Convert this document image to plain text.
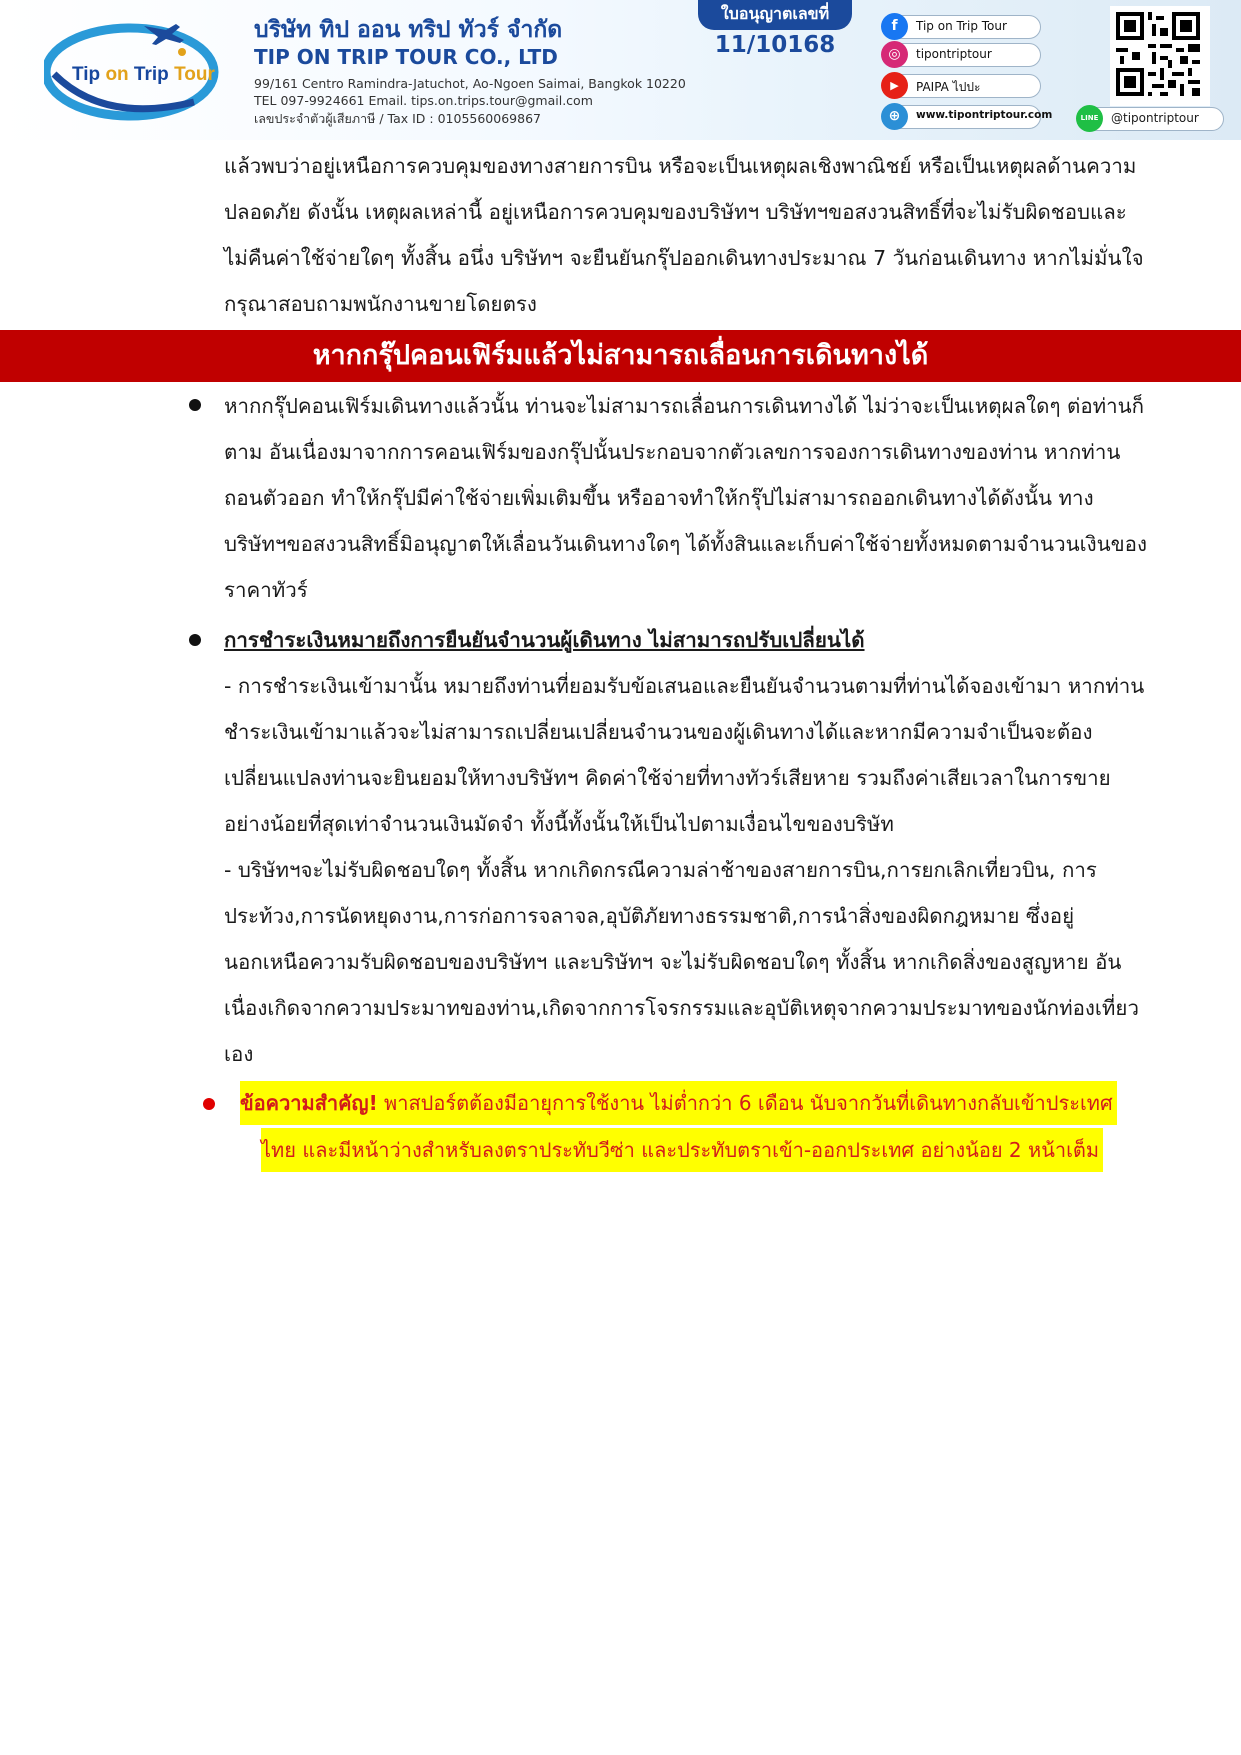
Tip on Trip Tour
บริษัท ทิป ออน ทริป ทัวร์ จำกัด
TIP ON TRIP TOUR CO., LTD
99/161 Centro Ramindra-Jatuchot, Ao-Ngoen Saimai, Bangkok 10220
TEL 097-9924661 Email. tips.on.trips.tour@gmail.com
เลขประจำตัวผู้เสียภาษี / Tax ID : 0105560069867
ใบอนุญาตเลขที่
11/10168
f	Tip on Trip Tour
◎	tipontriptour
▶	PAIPA ไปปะ
⊕	www.tipontriptour.com	LINE	@tipontriptour
แล้วพบว่าอยู่เหนือการควบคุมของทางสายการบิน หรือจะเป็นเหตุผลเชิงพาณิชย์ หรือเป็นเหตุผลด้านความ
ปลอดภัย ดังนั้น เหตุผลเหล่านี้ อยู่เหนือการควบคุมของบริษัทฯ บริษัทฯขอสงวนสิทธิ์ที่จะไม่รับผิดชอบและ
ไม่คืนค่าใช้จ่ายใดๆ ทั้งสิ้น อนึ่ง บริษัทฯ จะยืนยันกรุ๊ปออกเดินทางประมาณ 7 วันก่อนเดินทาง หากไม่มั่นใจ
กรุณาสอบถามพนักงานขายโดยตรง
หากกรุ๊ปคอนเฟิร์มแล้วไม่สามารถเลื่อนการเดินทางได้
หากกรุ๊ปคอนเฟิร์มเดินทางแล้วนั้น ท่านจะไม่สามารถเลื่อนการเดินทางได้ ไม่ว่าจะเป็นเหตุผลใดๆ ต่อท่านก็
ตาม อันเนื่องมาจากการคอนเฟิร์มของกรุ๊ปนั้นประกอบจากตัวเลขการจองการเดินทางของท่าน หากท่าน
ถอนตัวออก ทำให้กรุ๊ปมีค่าใช้จ่ายเพิ่มเติมขึ้น หรืออาจทำให้กรุ๊ปไม่สามารถออกเดินทางได้ดังนั้น ทาง
บริษัทฯขอสงวนสิทธิ์มิอนุญาตให้เลื่อนวันเดินทางใดๆ ได้ทั้งสินและเก็บค่าใช้จ่ายทั้งหมดตามจำนวนเงินของ
ราคาทัวร์
การชำระเงินหมายถึงการยืนยันจำนวนผู้เดินทาง ไม่สามารถปรับเปลี่ยนได้
- การชำระเงินเข้ามานั้น หมายถึงท่านที่ยอมรับข้อเสนอและยืนยันจำนวนตามที่ท่านได้จองเข้ามา หากท่าน
ชำระเงินเข้ามาแล้วจะไม่สามารถเปลี่ยนเปลี่ยนจำนวนของผู้เดินทางได้และหากมีความจำเป็นจะต้อง
เปลี่ยนแปลงท่านจะยินยอมให้ทางบริษัทฯ คิดค่าใช้จ่ายที่ทางทัวร์เสียหาย รวมถึงค่าเสียเวลาในการขาย
อย่างน้อยที่สุดเท่าจำนวนเงินมัดจำ ทั้งนี้ทั้งนั้นให้เป็นไปตามเงื่อนไขของบริษัท
- บริษัทฯจะไม่รับผิดชอบใดๆ ทั้งสิ้น หากเกิดกรณีความล่าช้าของสายการบิน,การยกเลิกเที่ยวบิน, การ
ประท้วง,การนัดหยุดงาน,การก่อการจลาจล,อุบัติภัยทางธรรมชาติ,การนำสิ่งของผิดกฎหมาย ซึ่งอยู่
นอกเหนือความรับผิดชอบของบริษัทฯ และบริษัทฯ จะไม่รับผิดชอบใดๆ ทั้งสิ้น หากเกิดสิ่งของสูญหาย อัน
เนื่องเกิดจากความประมาทของท่าน,เกิดจากการโจรกรรมและอุบัติเหตุจากความประมาทของนักท่องเที่ยว
เอง
ข้อความสำคัญ! พาสปอร์ตต้องมีอายุการใช้งาน ไม่ต่ำกว่า 6 เดือน นับจากวันที่เดินทางกลับเข้าประเทศ
ไทย และมีหน้าว่างสำหรับลงตราประทับวีซ่า และประทับตราเข้า-ออกประเทศ อย่างน้อย 2 หน้าเต็ม
